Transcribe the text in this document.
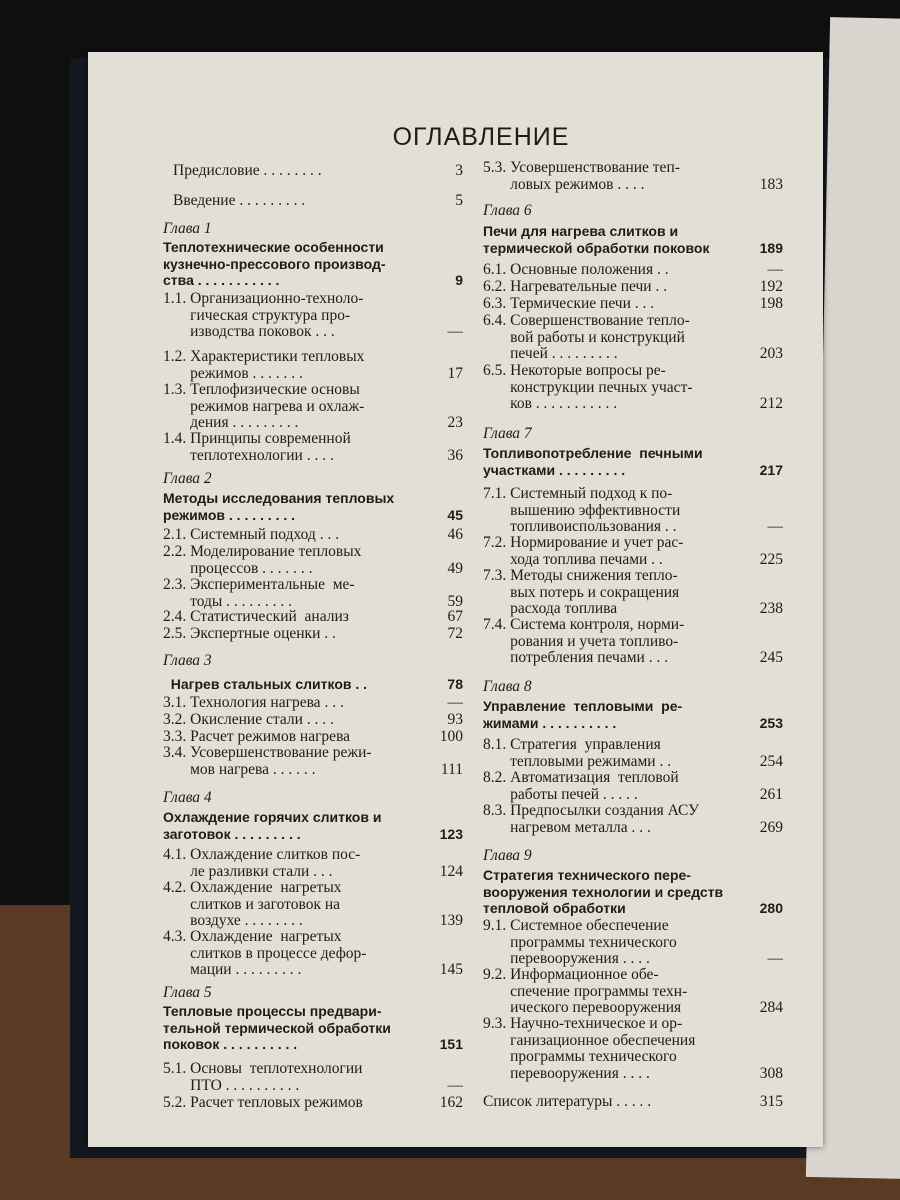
ОГЛАВЛЕНИЕ
Предисловие . . . . . . . .	3
Введение . . . . . . . . .	5
Глава 1
Теплотехнические особенности
кузнечно-прессового производ-
ства . . . . . . . . . . .	9
1.1. Организационно-техноло-
гическая структура про-
изводства поковок . . .	—
1.2. Характеристики тепловых
режимов . . . . . . .	17
1.3. Теплофизические основы
режимов нагрева и охлаж-
дения . . . . . . . . .	23
1.4. Принципы современной
теплотехнологии . . . .	36
Глава 2
Методы исследования тепловых
режимов . . . . . . . . .	45
2.1. Системный подход . . .	46
2.2. Моделирование тепловых
процессов . . . . . . .	49
2.3. Экспериментальные  ме-
тоды . . . . . . . . .	59
2.4. Статистический  анализ	67
2.5. Экспертные оценки . .	72
Глава 3
Нагрев стальных слитков . .	78
3.1. Технология нагрева . . .	—
3.2. Окисление стали . . . .	93
3.3. Расчет режимов нагрева	100
3.4. Усовершенствование режи-
мов нагрева . . . . . .	111
Глава 4
Охлаждение горячих слитков и
заготовок . . . . . . . . .	123
4.1. Охлаждение слитков пос-
ле разливки стали . . .	124
4.2. Охлаждение  нагретых
слитков и заготовок на
воздухе . . . . . . . .	139
4.3. Охлаждение  нагретых
слитков в процессе дефор-
мации . . . . . . . . .	145
Глава 5
Тепловые процессы предвари-
тельной термической обработки
поковок . . . . . . . . . .	151
5.1. Основы  теплотехнологии
ПТО . . . . . . . . . .	—
5.2. Расчет тепловых режимов	162
5.3. Усовершенствование теп-
ловых режимов . . . .	183
Глава 6
Печи для нагрева слитков и
термической обработки поковок	189
6.1. Основные положения . .	—
6.2. Нагревательные печи . .	192
6.3. Термические печи . . .	198
6.4. Совершенствование тепло-
вой работы и конструкций
печей . . . . . . . . .	203
6.5. Некоторые вопросы ре-
конструкции печных участ-
ков . . . . . . . . . . .	212
Глава 7
Топливопотребление  печными
участками . . . . . . . . .	217
7.1. Системный подход к по-
вышению эффективности
топливоиспользования . .	—
7.2. Нормирование и учет рас-
хода топлива печами . .	225
7.3. Методы снижения тепло-
вых потерь и сокращения
расхода топлива	238
7.4. Система контроля, норми-
рования и учета топливо-
потребления печами . . .	245
Глава 8
Управление  тепловыми  ре-
жимами . . . . . . . . . .	253
8.1. Стратегия  управления
тепловыми режимами . .	254
8.2. Автоматизация  тепловой
работы печей . . . . .	261
8.3. Предпосылки создания АСУ
нагревом металла . . .	269
Глава 9
Стратегия технического пере-
вооружения технологии и средств
тепловой обработки	280
9.1. Системное обеспечение
программы технического
перевооружения . . . .	—
9.2. Информационное обе-
спечение программы техн-
ического перевооружения	284
9.3. Научно-техническое и ор-
ганизационное обеспечения
программы технического
перевооружения . . . .	308
Список литературы . . . . .	315
